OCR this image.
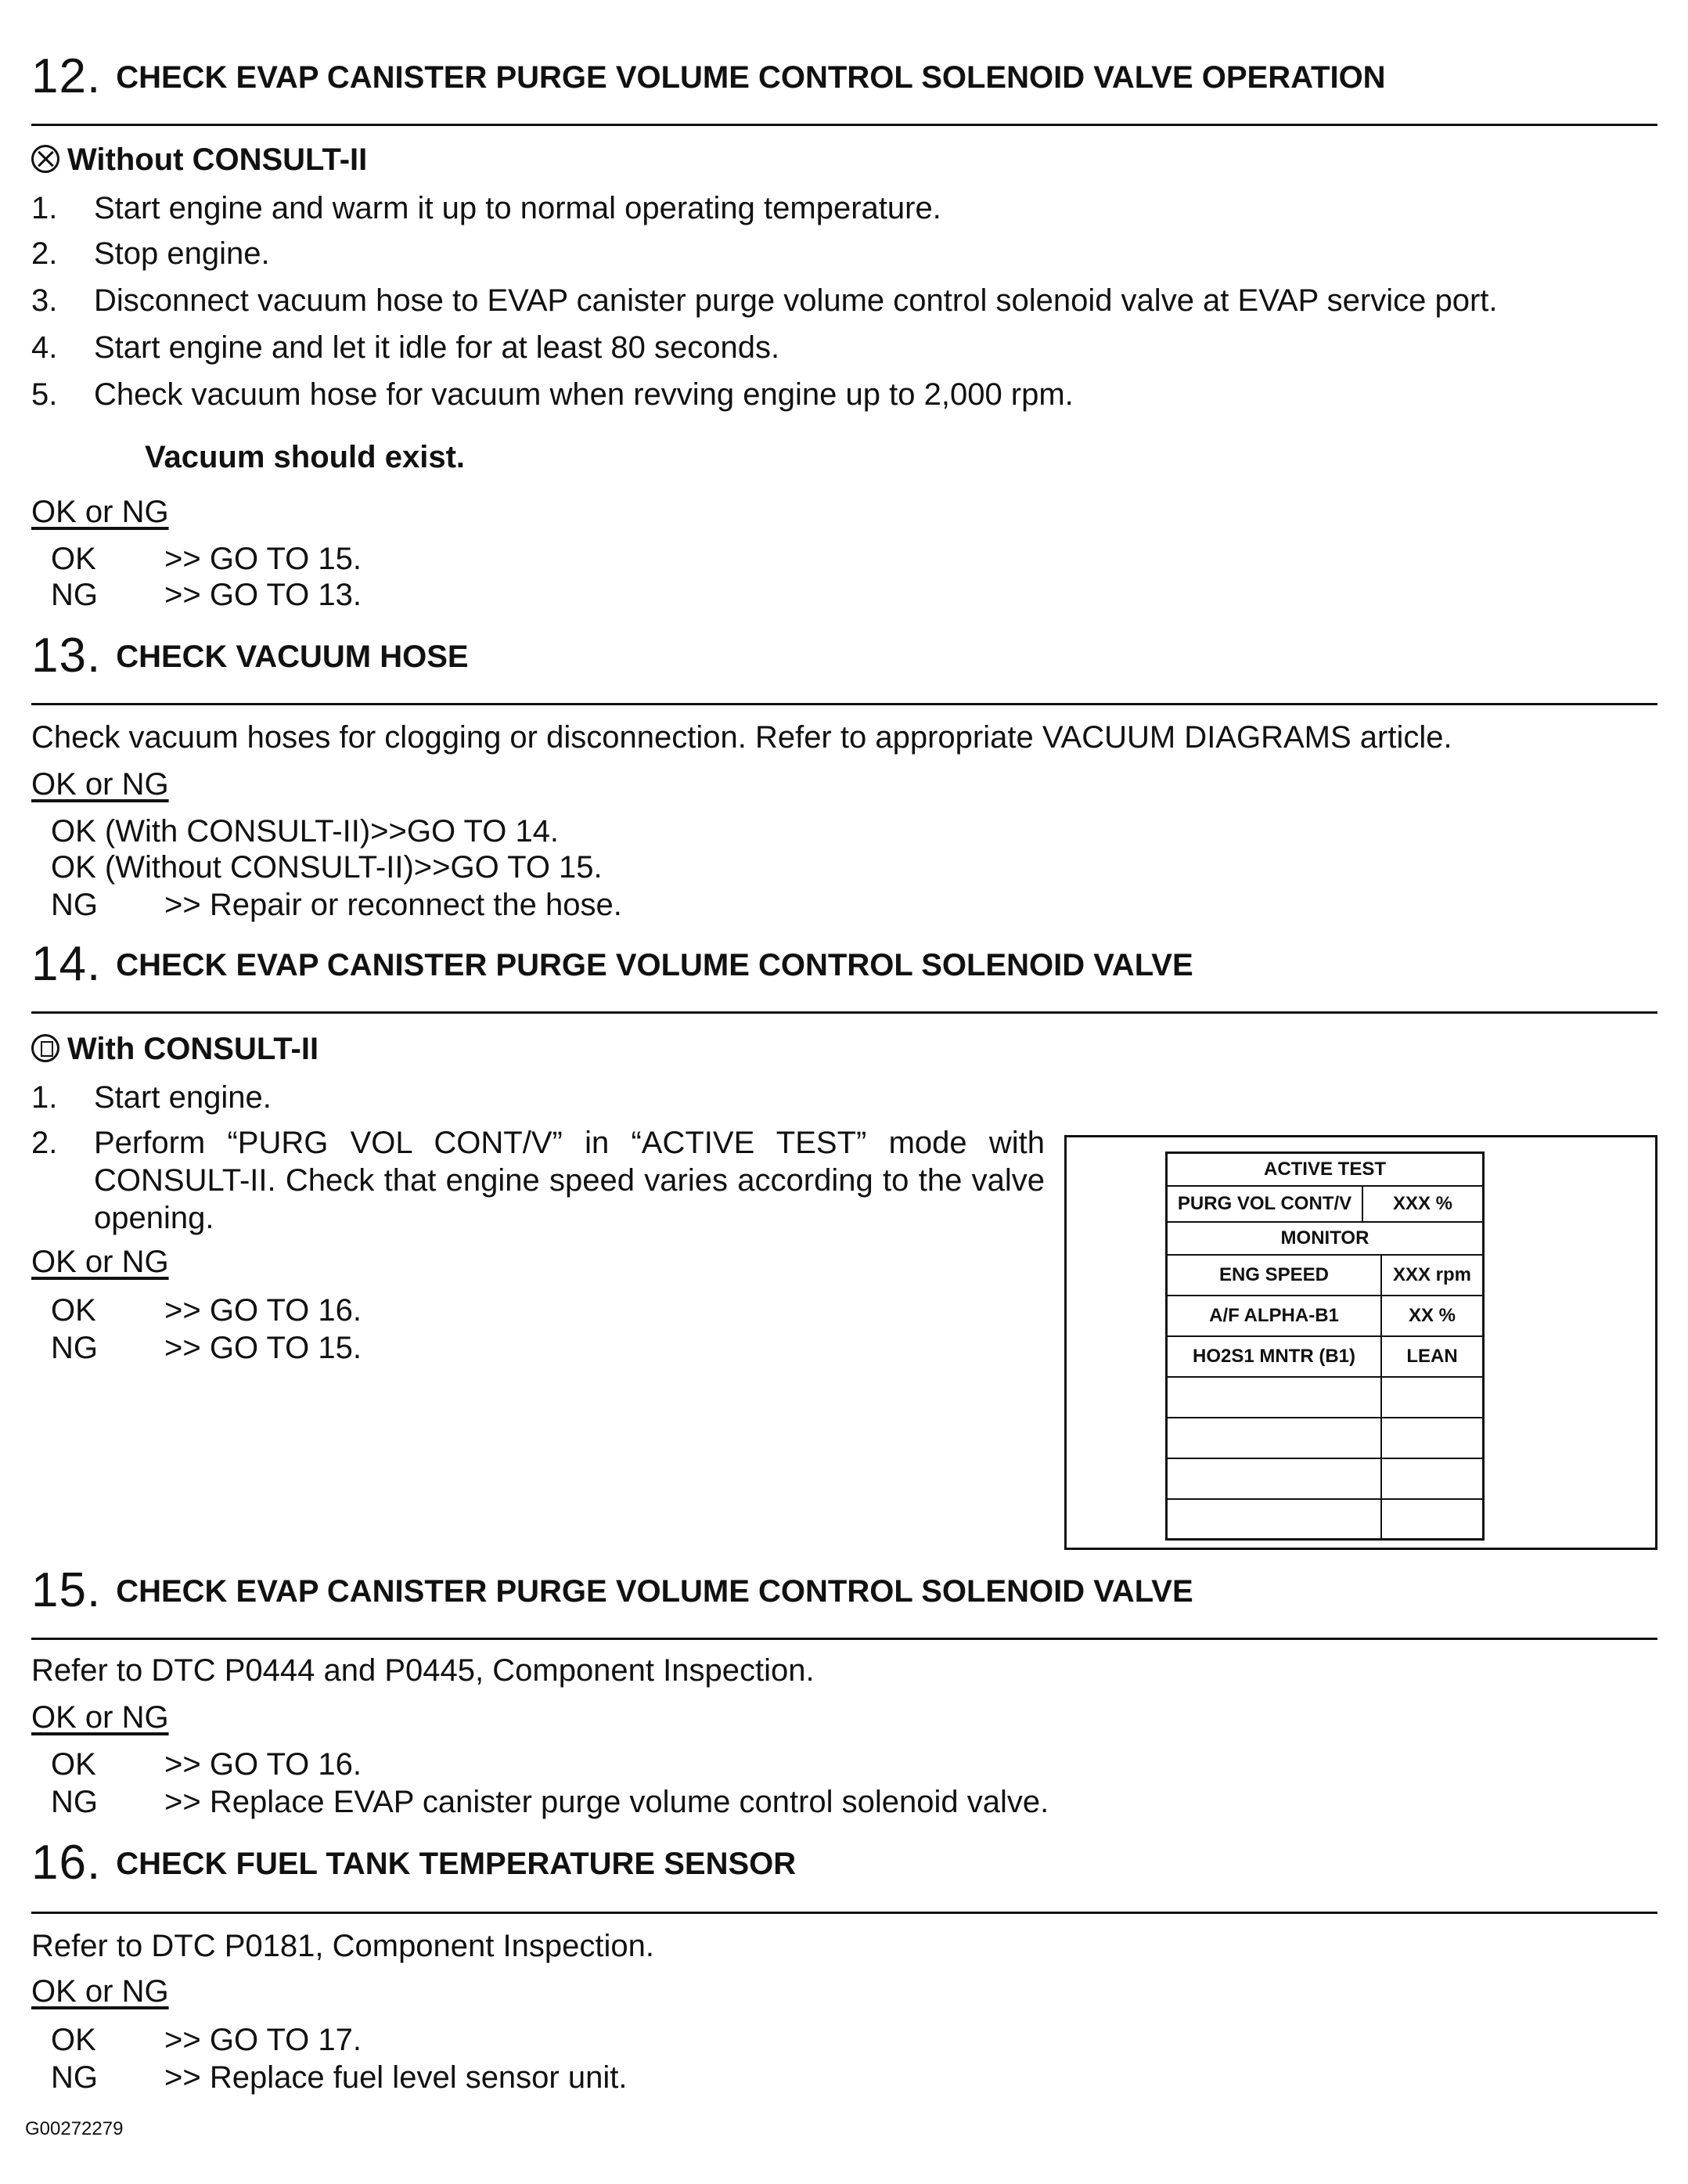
12. CHECK EVAP CANISTER PURGE VOLUME CONTROL SOLENOID VALVE OPERATION
Without CONSULT-II
1. Start engine and warm it up to normal operating temperature.
2. Stop engine.
3. Disconnect vacuum hose to EVAP canister purge volume control solenoid valve at EVAP service port.
4. Start engine and let it idle for at least 80 seconds.
5. Check vacuum hose for vacuum when revving engine up to 2,000 rpm.
Vacuum should exist.
OK or NG
OK >> GO TO 15.
NG >> GO TO 13.
13. CHECK VACUUM HOSE
Check vacuum hoses for clogging or disconnection. Refer to appropriate VACUUM DIAGRAMS article.
OK or NG
OK (With CONSULT-II)>>GO TO 14.
OK (Without CONSULT-II)>>GO TO 15.
NG >> Repair or reconnect the hose.
14. CHECK EVAP CANISTER PURGE VOLUME CONTROL SOLENOID VALVE
With CONSULT-II
1. Start engine.
2. Perform “PURG VOL CONT/V” in “ACTIVE TEST” mode with CONSULT-II. Check that engine speed varies according to the valve opening.
OK or NG
OK >> GO TO 16.
NG >> GO TO 15.
ACTIVE TEST

PURG VOL CONT/V	XXX %

MONITOR
ENG SPEED	XXX rpm
A/F ALPHA-B1	XX %
HO2S1 MNTR (B1)	LEAN

15. CHECK EVAP CANISTER PURGE VOLUME CONTROL SOLENOID VALVE
Refer to DTC P0444 and P0445, Component Inspection.
OK or NG
OK >> GO TO 16.
NG >> Replace EVAP canister purge volume control solenoid valve.
16. CHECK FUEL TANK TEMPERATURE SENSOR
Refer to DTC P0181, Component Inspection.
OK or NG
OK >> GO TO 17.
NG >> Replace fuel level sensor unit.
G00272279
